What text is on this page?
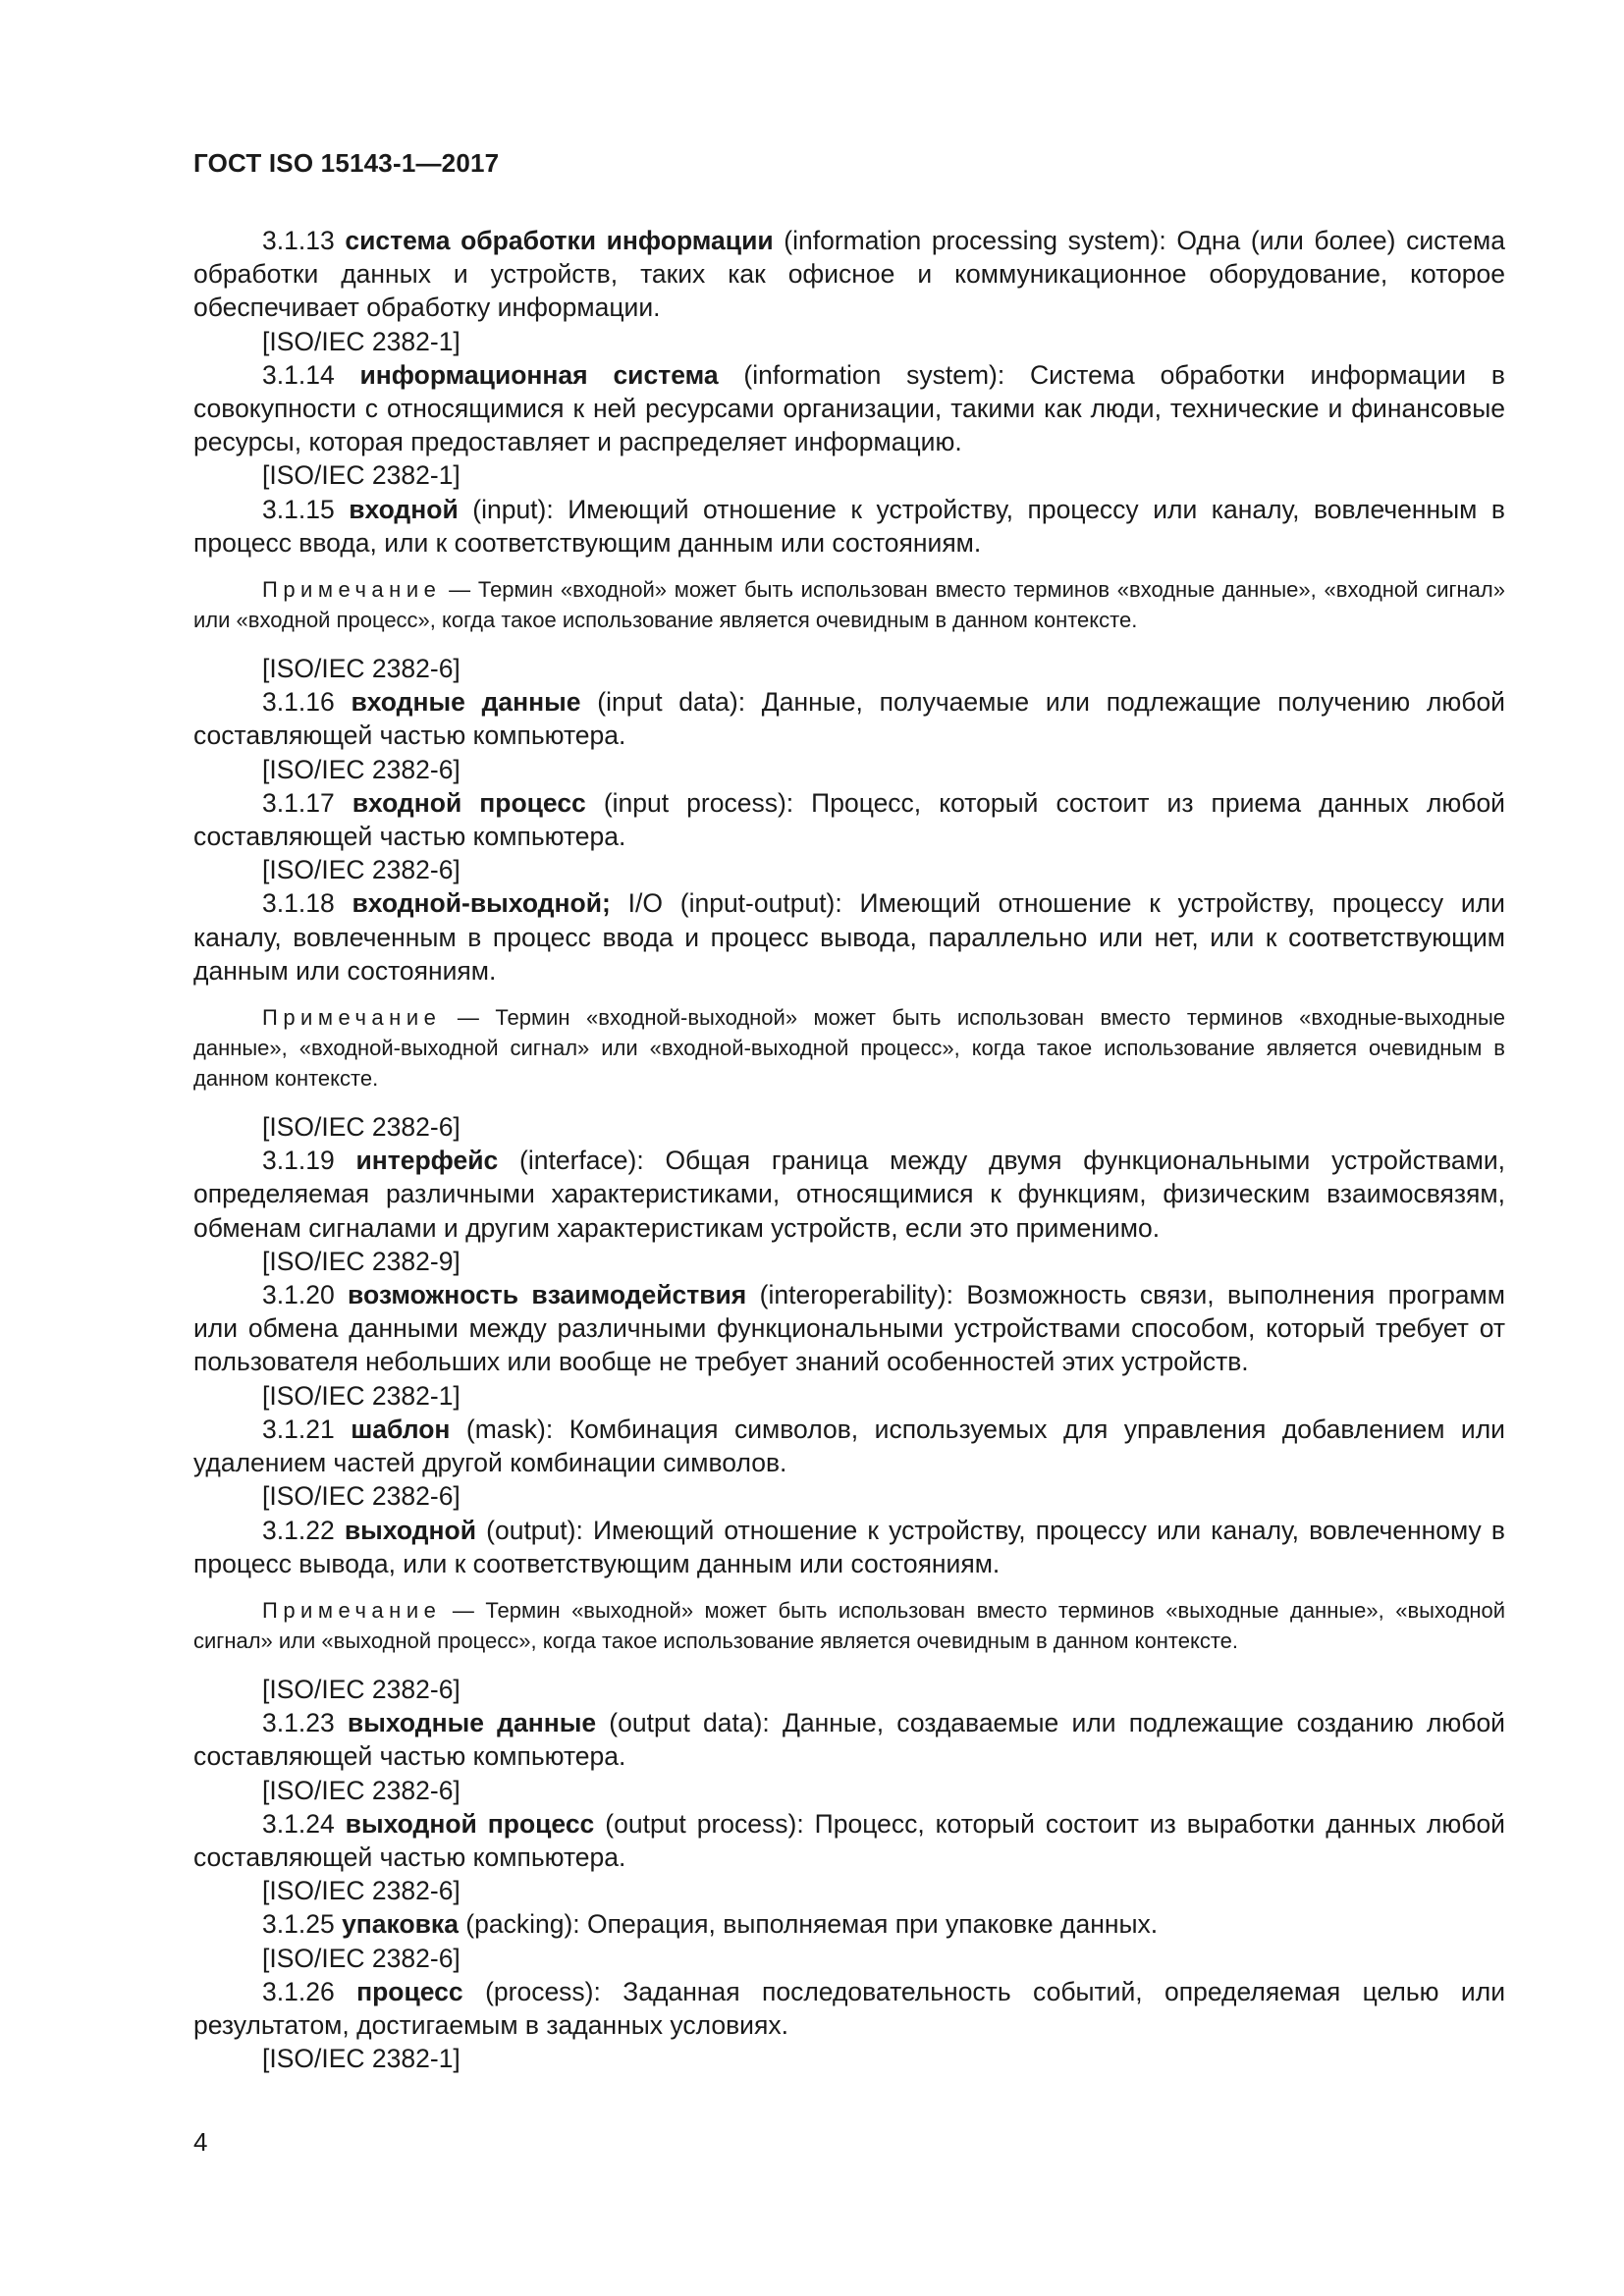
ГОСТ ISO 15143-1—2017

3.1.13 система обработки информации (information processing system): Одна (или более) система обработки данных и устройств, таких как офисное и коммуникационное оборудование, которое обеспечивает обработку информации.

[ISO/IEC 2382-1]

3.1.14 информационная система (information system): Система обработки информации в совокупности с относящимися к ней ресурсами организации, такими как люди, технические и финансовые ресурсы, которая предоставляет и распределяет информацию.

[ISO/IEC 2382-1]

3.1.15 входной (input): Имеющий отношение к устройству, процессу или каналу, вовлеченным в процесс ввода, или к соответствующим данным или состояниям.

Примечание — Термин «входной» может быть использован вместо терминов «входные данные», «входной сигнал» или «входной процесс», когда такое использование является очевидным в данном контексте.

[ISO/IEC 2382-6]

3.1.16 входные данные (input data): Данные, получаемые или подлежащие получению любой составляющей частью компьютера.

[ISO/IEC 2382-6]

3.1.17 входной процесс (input process): Процесс, который состоит из приема данных любой составляющей частью компьютера.

[ISO/IEC 2382-6]

3.1.18 входной-выходной; I/O (input-output): Имеющий отношение к устройству, процессу или каналу, вовлеченным в процесс ввода и процесс вывода, параллельно или нет, или к соответствующим данным или состояниям.

Примечание — Термин «входной-выходной» может быть использован вместо терминов «входные-выходные данные», «входной-выходной сигнал» или «входной-выходной процесс», когда такое использование является очевидным в данном контексте.

[ISO/IEC 2382-6]

3.1.19 интерфейс (interface): Общая граница между двумя функциональными устройствами, определяемая различными характеристиками, относящимися к функциям, физическим взаимосвязям, обменам сигналами и другим характеристикам устройств, если это применимо.

[ISO/IEC 2382-9]

3.1.20 возможность взаимодействия (interoperability): Возможность связи, выполнения программ или обмена данными между различными функциональными устройствами способом, который требует от пользователя небольших или вообще не требует знаний особенностей этих устройств.

[ISO/IEC 2382-1]

3.1.21 шаблон (mask): Комбинация символов, используемых для управления добавлением или удалением частей другой комбинации символов.

[ISO/IEC 2382-6]

3.1.22 выходной (output): Имеющий отношение к устройству, процессу или каналу, вовлеченному в процесс вывода, или к соответствующим данным или состояниям.

Примечание — Термин «выходной» может быть использован вместо терминов «выходные данные», «выходной сигнал» или «выходной процесс», когда такое использование является очевидным в данном контексте.

[ISO/IEC 2382-6]

3.1.23 выходные данные (output data): Данные, создаваемые или подлежащие созданию любой составляющей частью компьютера.

[ISO/IEC 2382-6]

3.1.24 выходной процесс (output process): Процесс, который состоит из выработки данных любой составляющей частью компьютера.

[ISO/IEC 2382-6]

3.1.25 упаковка (packing): Операция, выполняемая при упаковке данных.

[ISO/IEC 2382-6]

3.1.26 процесс (process): Заданная последовательность событий, определяемая целью или результатом, достигаемым в заданных условиях.

[ISO/IEC 2382-1]

4
